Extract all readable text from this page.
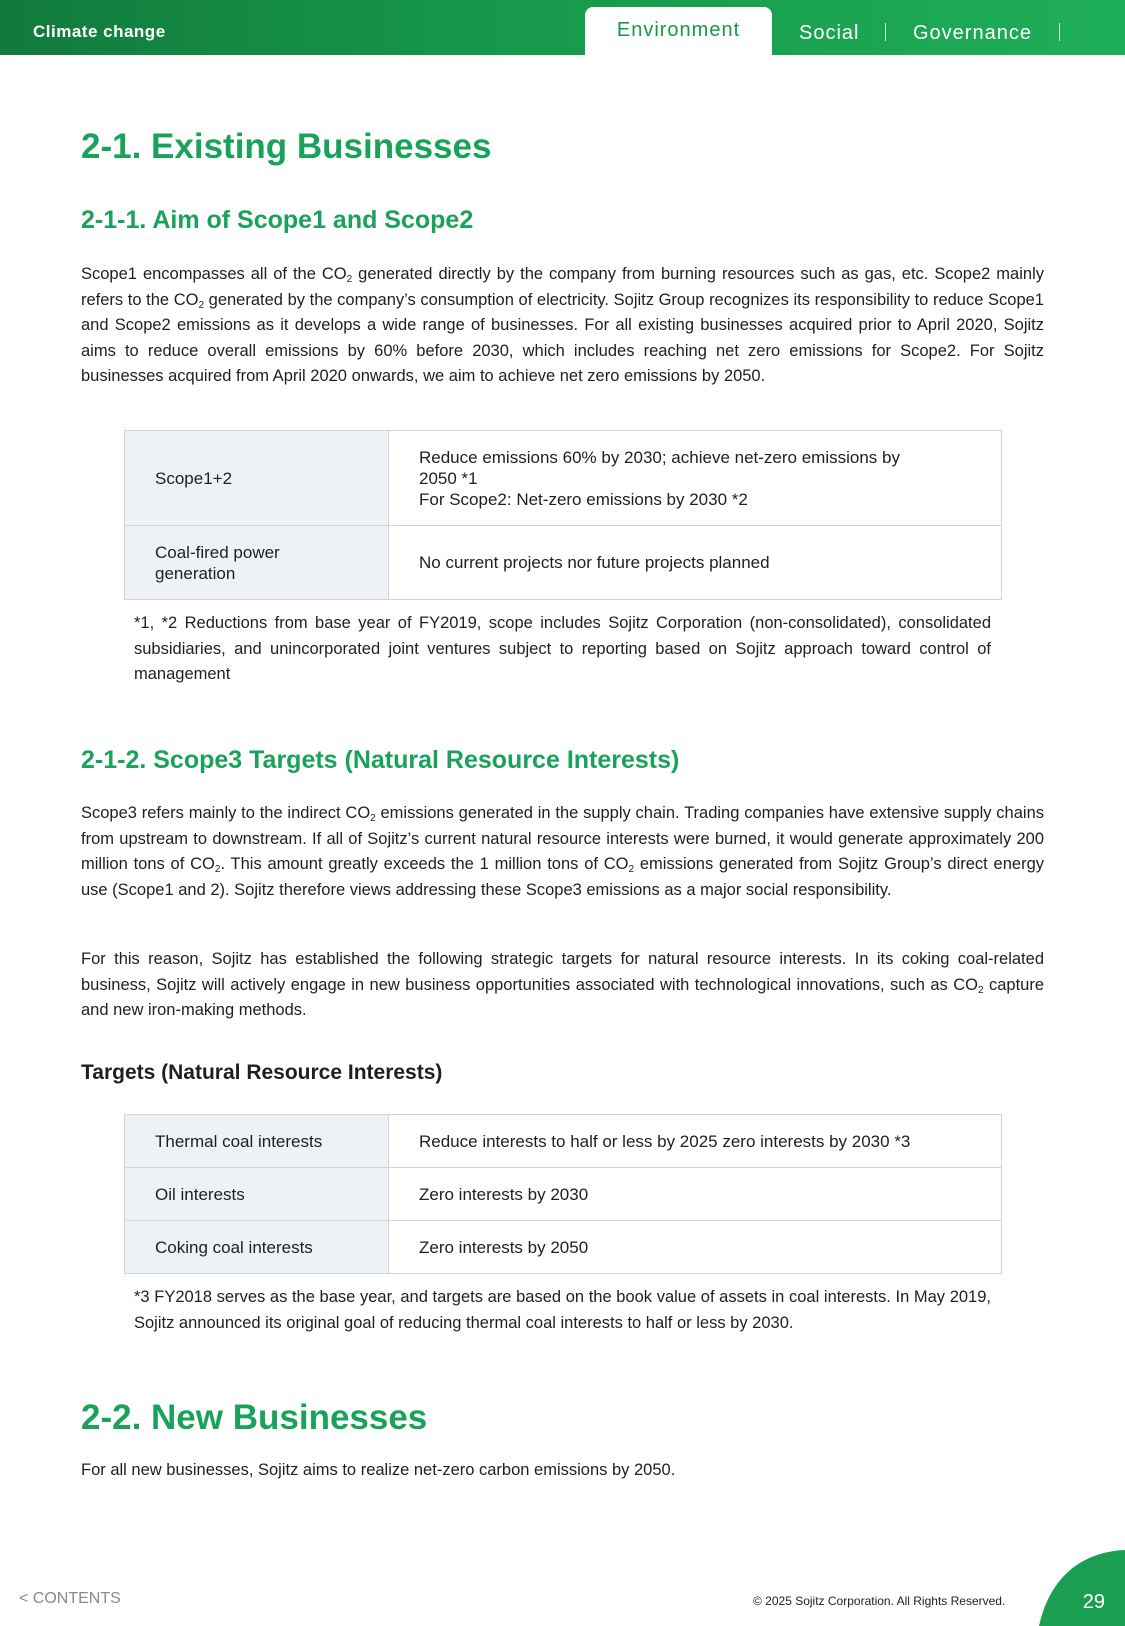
Climate change	Environment	Social	Governance
2-1. Existing Businesses
2-1-1. Aim of Scope1 and Scope2

Scope1 encompasses all of the $CO_2$ generated directly by the company from burning resources such as gas, etc. Scope2 mainly refers to the $CO_2$ generated by the company’s consumption of electricity. Sojitz Group recognizes its responsibility to reduce Scope1 and Scope2 emissions as it develops a wide range of businesses. For all existing businesses acquired prior to April 2020, Sojitz aims to reduce overall emissions by 60% before 2030, which includes reaching net zero emissions for Scope2. For Sojitz businesses acquired from April 2020 onwards, we aim to achieve net zero emissions by 2050.

Scope1+2	Reduce emissions 60% by 2030; achieve net-zero emissions by
2050 *1
For Scope2: Net-zero emissions by 2030 *2

Coal-fired power
generation	No current projects nor future projects planned

*1, *2 Reductions from base year of FY2019, scope includes Sojitz Corporation (non-consolidated), consolidated subsidiaries, and unincorporated joint ventures subject to reporting based on Sojitz approach toward control of management

2-1-2. Scope3 Targets (Natural Resource Interests)

Scope3 refers mainly to the indirect $CO_2$ emissions generated in the supply chain. Trading companies have extensive supply chains from upstream to downstream. If all of Sojitz’s current natural resource interests were burned, it would generate approximately 200 million tons of $CO_2$. This amount greatly exceeds the 1 million tons of $CO_2$ emissions generated from Sojitz Group’s direct energy use (Scope1 and 2). Sojitz therefore views addressing these Scope3 emissions as a major social responsibility.

For this reason, Sojitz has established the following strategic targets for natural resource interests. In its coking coal-related business, Sojitz will actively engage in new business opportunities associated with technological innovations, such as $CO_2$ capture and new iron-making methods.

Targets (Natural Resource Interests)
Thermal coal interests	Reduce interests to half or less by 2025 zero interests by 2030 *3
Oil interests	Zero interests by 2030
Coking coal interests	Zero interests by 2050

*3 FY2018 serves as the base year, and targets are based on the book value of assets in coal interests. In May 2019, Sojitz announced its original goal of reducing thermal coal interests to half or less by 2030.

2-2. New Businesses

For all new businesses, Sojitz aims to realize net-zero carbon emissions by 2050.

< CONTENTS	© 2025 Sojitz Corporation. All Rights Reserved.	29
